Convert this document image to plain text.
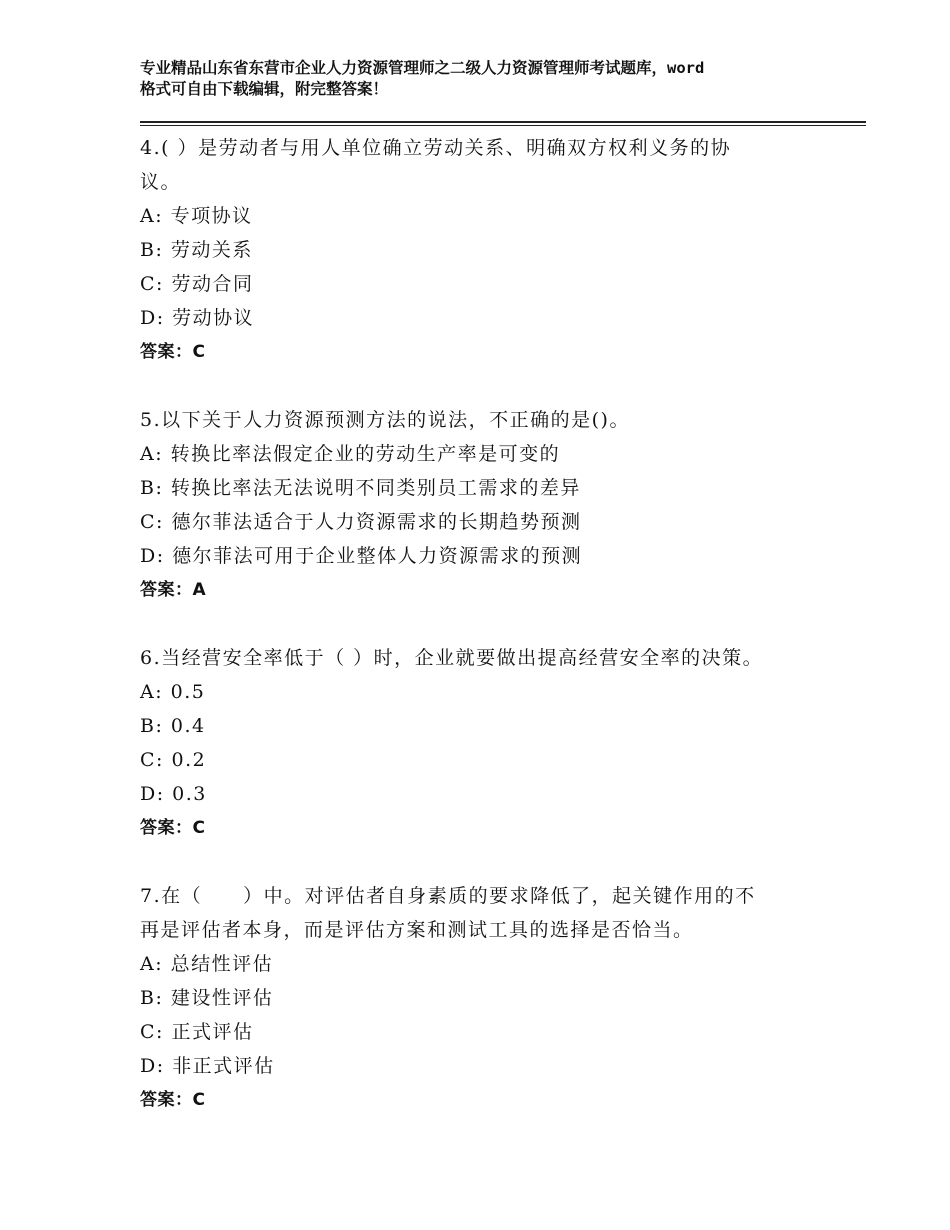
专业精品山东省东营市企业人力资源管理师之二级人力资源管理师考试题库，word
格式可自由下载编辑，附完整答案！
4.( ）是劳动者与用人单位确立劳动关系、明确双方权利义务的协
议。
A: 专项协议
B: 劳动关系
C: 劳动合同
D: 劳动协议
答案：C
5.以下关于人力资源预测方法的说法，不正确的是()。
A: 转换比率法假定企业的劳动生产率是可变的
B: 转换比率法无法说明不同类别员工需求的差异
C: 德尔菲法适合于人力资源需求的长期趋势预测
D: 德尔菲法可用于企业整体人力资源需求的预测
答案：A
6.当经营安全率低于（ ）时，企业就要做出提高经营安全率的决策。
A: 0.5
B: 0.4
C: 0.2
D: 0.3
答案：C
7.在（　　）中。对评估者自身素质的要求降低了，起关键作用的不
再是评估者本身，而是评估方案和测试工具的选择是否恰当。
A: 总结性评估
B: 建设性评估
C: 正式评估
D: 非正式评估
答案：C
